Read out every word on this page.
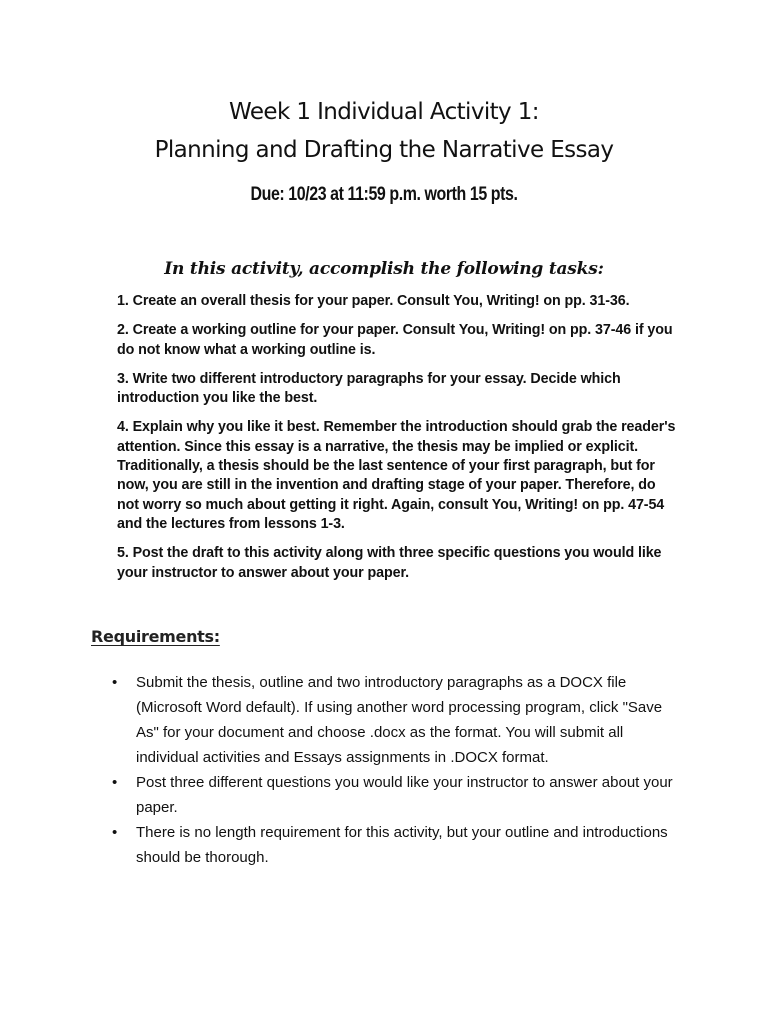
Week 1 Individual Activity 1:
Planning and Drafting the Narrative Essay

Due: 10/23 at 11:59 p.m. worth 15 pts.

In this activity, accomplish the following tasks:

1. Create an overall thesis for your paper. Consult You, Writing! on pp. 31-36.
2. Create a working outline for your paper. Consult You, Writing! on pp. 37-46 if you do not know what a working outline is.
3. Write two different introductory paragraphs for your essay. Decide which introduction you like the best.
4. Explain why you like it best. Remember the introduction should grab the reader's attention. Since this essay is a narrative, the thesis may be implied or explicit. Traditionally, a thesis should be the last sentence of your first paragraph, but for now, you are still in the invention and drafting stage of your paper. Therefore, do not worry so much about getting it right. Again, consult You, Writing! on pp. 47-54 and the lectures from lessons 1-3.
5. Post the draft to this activity along with three specific questions you would like your instructor to answer about your paper.
Requirements:
• Submit the thesis, outline and two introductory paragraphs as a DOCX file (Microsoft Word default). If using another word processing program, click "Save As" for your document and choose .docx as the format. You will submit all individual activities and Essays assignments in .DOCX format.
• Post three different questions you would like your instructor to answer about your paper.
• There is no length requirement for this activity, but your outline and introductions should be thorough.
